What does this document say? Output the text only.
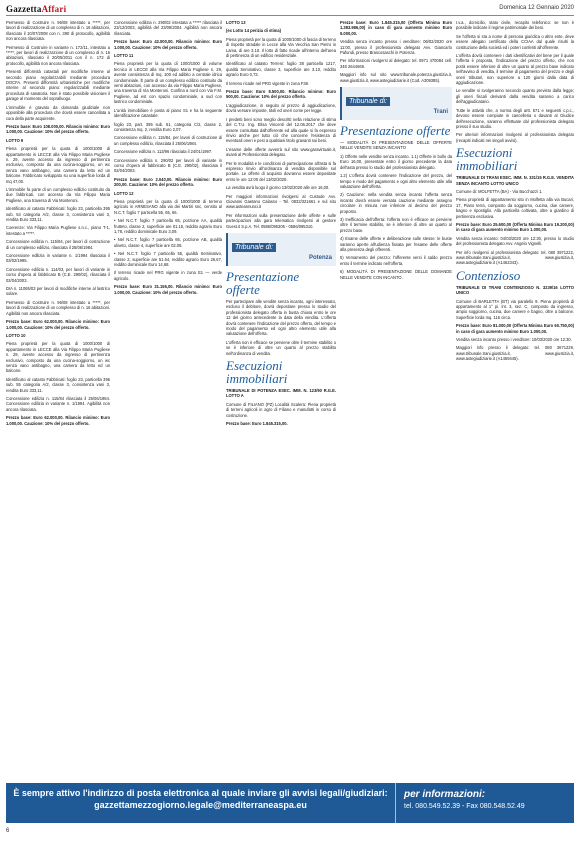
GazzettaAffari	Domenica 12 Gennaio 2020
Permesso di Costruire n. 96/08 intestato a *****, per lavori di realizzazione di un complesso di n. 16 abitazioni, rilasciato il 10/07/2008 con n. 390 di protocollo, agibilità non ancora rilasciata.
Permesso di Costruire in variante n. 172/11, intestato a *****, per lavori di realizzazione di un complesso di n. 16 abitazioni, rilasciato il 20/05/2011 con il n. 172 di protocollo, agibilità non ancora rilasciata.
Presenti difformità catastali per modifiche interne al secondo piano regolarizzabili mediante procedura DOCFA. Presenti difformità urbanistiche per modifiche interne al secondo piano: regolarizzabili mediante procedura di sanatoria. Non è stato possibile visionare il garage al momento del sopralluogo.
L'immobile è gravato da domanda giudiziale non opponibile alla procedura che dovrà essere cancellata a cura della parte acquirente.
Prezzo base: Euro 108.000,00. Rilancio minimo: Euro 1.000,00. Cauzione: 10% del prezzo offerto.
LOTTO 9
Piena proprietà per la quota di 1000/1000 di appartamento in LECCE alla Via Filippo Maria Pugliese n. 29, avente accesso da ingresso di pertinenza esclusivo, composto da una cucina-soggiorno, un wc senza vano antibagno, una camera da letto ed un balcone. Fabbricato sviluppato su una superficie lorda di mq 47,00.
L'immobile fa parte di un complesso edilizio costituito da due fabbricati, con accesso da Via Filippo Maria Pugliese, una traversa di Via Monteroni.
Identificato al catasto Fabbricati: foglio 23, particella 395 sub. 54 categoria A/2, classe 3, consistenza vani 3, rendita Euro 333,11.
Coerenze: Via Filippo Maria Pugliese s.n.c., piano T-1, intestato a *****.
Concessione edilizia n. 115/84, per lavori di costruzione di un complesso edilizio, rilasciata il 25/06/1984.
Concessione edilizia in variante n. 1/1994 rilasciata il 03/02/1995.
Concessione edilizia n. 114/03, per lavori di variante in corso d'opera al fabbricato B (C.E. 290/02), rilasciata il 02/04/2003.
DIA n. 11065/03 per lavori di modifiche interne al lastrico solare.
Permesso di Costruire n. 96/08 intestato a *****, per lavori di realizzazione di un complesso di n. 16 abitazioni. Agibilità non ancora rilasciata.
Prezzo base: Euro 62.000,00. Rilancio minimo: Euro 1.000,00. Cauzione: 10% del prezzo offerto.
LOTTO 10
Piena proprietà per la quota di 1000/1000 di appartamento in LECCE alla Via Filippo Maria Pugliese n. 29, avente accesso da ingresso di pertinenza esclusivo, composto da una cucina-soggiorno, un wc senza vano antibagno, una camera da letto ed un balcone.
Identificato al catasto Fabbricati: foglio 23, particella 395 sub. 55 categoria A/2, classe 3, consistenza vani 3, rendita Euro 333,11.
Concessione edilizia n. 115/84 rilasciata il 25/06/1984. Concessione edilizia in variante n. 1/1994. Agibilità non ancora rilasciata.
Prezzo base: Euro 62.000,00. Rilancio minimo: Euro 1.000,00. Cauzione: 10% del prezzo offerto.
Concessione edilizia n. 290/02 intestata a ***** rilasciata il 23/12/2003, agibilità del 23/09/2004. Agibilità non ancora rilasciata.
Prezzo base: Euro 42.000,00. Rilancio minimo: Euro 1.000,00. Cauzione: 10% del prezzo offerto.
LOTTO 11
Piena proprietà per la quota di 1000/1000 di volume tecnico in LECCE alla Via Filippo Maria Pugliese n. 29, avente consistenza di mq. 100 ed adibito a centrale idrica condominiale. È parte di un complesso edilizio costituito da venti abitazioni, con accesso da via Filippo Maria Pugliese, una traversa di Via Monteroni. Confina a nord con Via F.M. Pugliese, ad est con spazio condominiale, a sud con lastrico condominiale.
L'unità immobiliare è posta al piano S1 e ha la seguente identificazione catastale:
foglio 23, part. 395 sub. 51, categoria C/2, classe 2, consistenza mq. 2, rendita Euro 2,07.
Concessione edilizia n. 115/84, per lavori di costruzione di un complesso edilizio, rilasciata il 25/06/1984.
Concessione edilizia n. 113/96 rilasciata il 24/01/1997.
Concessione edilizia n. 290/02 per lavori di variante in corso d'opera al fabbricato B (C.E. 290/02), rilasciata il 02/04/2003.
Prezzo base: Euro 2.040,00. Rilancio minimo: Euro 200,00. Cauzione: 10% del prezzo offerto.
LOTTO 12
Piena proprietà per la quota di 1000/1000 di terreno agricolo in ARNESANO alla via dei Martiri snc, censito al N.C.T. foglio 7 particella 55, 65, 66.
• Nel N.C.T. foglio 7 particella 65, porzione AA, qualità frutteto, classe 2, superficie are 01.15, reddito agrario Euro 1,78, reddito dominicale Euro 3,09.
• Nel N.C.T. foglio 7 particella 66, porzione AB, qualità uliveto, classe 4, superficie are 02.08.
• Nel N.C.T. foglio 7 particella 55, qualità Seminativo, classe 2, superficie are 51.64, reddito agrario Euro 26,67, reddito dominicale Euro 14,68.
Il terreno ricade nel PRG vigente in zona E1 — verde agricolo.
Prezzo base: Euro 31.155,00. Rilancio minimo: Euro 1.000,00. Cauzione: 10% del prezzo offerto.
LOTTO 13
(ex Lotto 14 perizia di stima)
Piena proprietà per la quota di 1000/1000 di fascia di terreno di rispetto stradale in Lecce alla Via Vecchia San Pietro in Lama, di are 3.10. Il lotto di fatto ricade all'interno dell'area di pertinenza di un edificio residenziale.
Identificato al catasto Terreni: foglio 38 particella 1217, qualità Seminativo, classe 3, superficie are 3.10, reddito agrario Euro 0,72.
Il terreno ricade nel PRG vigente in zona F38.
Prezzo base: Euro 8.500,00. Rilancio minimo: Euro 500,00. Cauzione: 10% del prezzo offerto.
L'aggiudicazione, in seguito al prezzo di aggiudicazione, dovrà versare imposte, titoli ed oneri come per legge.
I predetti beni sono meglio descritti nella relazione di stima del C.T.U. Ing. Elisa Vincenti del 12.06.2017 che deve essere consultata dall'offerente ed alla quale si fa espresso rinvio anche per tutto ciò che concerne l'esistenza di eventuali oneri e pesi a qualsiasi titolo gravanti sui beni.
L'esame delle offerte avverrà sul sito www.garavirtuale.it, avanti al Professionista delegato.
Per le modalità e le condizioni di partecipazione all'asta si fa espresso rinvio all'ordinanza di vendita disponibile sul portale. Le offerte di acquisto dovranno essere depositate entro le ore 12:00 del 13/02/2020.
La vendita avrà luogo il giorno 13/02/2020 alle ore 16,00.
Per maggiori informazioni rivolgersi al Custode Avv. Giovanni Gaetano Calasso - Tel. 0832/321661 e sul sito www.asteannunci.it
Per informazioni sulla presentazione delle offerte e sulle partecipazioni alla gara telematica rivolgersi al gestore Guest.it S.p.A. Tel. 0586/095305 - 0586/095310.
Tribunale di:
Potenza
Presentazione offerte
Per partecipare alle vendite senza incanto, ogni interessato, escluso il debitore, dovrà depositare presso lo studio del professionista delegato offerta in busta chiusa entro le ore 12 del giorno antecedente la data della vendita. L'offerta dovrà contenere l'indicazione del prezzo offerto, del tempo e modo del pagamento ed ogni altro elemento utile alla valutazione dell'offerta.
L'offerta non è efficace se perviene oltre il termine stabilito o se è inferiore di oltre un quarto al prezzo stabilito nell'ordinanza di vendita.
Esecuzioni immobiliari
TRIBUNALE DI POTENZA ESEC. IMM. N. 123/90 R.G.E. LOTTO A
Comune di FILIANO (PZ) Località Scalera: Piena proprietà di terreni agricoli in agro di Filiano e manufatti in corso di costruzione.
Prezzo base: Euro 1.845.315,00.
Prezzo base: Euro 1.845.315,00 (Offerta Minima Euro 1.383.986,00) in caso di gara aumento minimo Euro 5.000,00.
Vendita senza incanto presso i venditore: 06/02/2020 ore 11:00, presso il professionista delegato Avv. Giancarlo Pafundi, presso Brascosaschi in Potenza.
Per informazioni rivolgersi al delegato: tel. 0971 470084 cell. 348 2644669.
Maggiori info sul sito www.tribunale.potenza.giustizia.it, www.giustizia.it, www.astegiudiziarie.it (Cod. A309385).
Tribunale di:
Trani
Presentazione offerte
— MODALITÀ DI PRESENTAZIONE DELLE OFFERTE NELLE VENDITE SENZA INCANTO
1) Offerte nelle vendite senza incanto. 1.1) Offerte in bollo da Euro 16,00, presentate entro il giorno precedente la data dell'asta presso lo studio del professionista delegato.
1.2) L'offerta dovrà contenere l'indicazione del prezzo, del tempo e modo del pagamento e ogni altro elemento utile alla valutazione dell'offerta.
2) Cauzione: nella vendita senza incanto l'offerta senza incanto dovrà essere versata cauzione mediante assegno circolare in misura non inferiore al decimo del prezzo proposto.
3) Inefficacia dell'offerta: l'offerta non è efficace se perviene oltre il termine stabilito, se è inferiore di oltre un quarto al prezzo base.
4) Esame delle offerte e deliberazione sulle stesse: le buste saranno aperte all'udienza fissata per l'esame delle offerte alla presenza degli offerenti.
5) Versamento del prezzo: l'offerente versi il saldo prezzo entro il termine indicato nell'offerta.
6) MODALITÀ DI PRESENTAZIONE DELLE DOMANDE NELLE VENDITE CON INCANTO.
I.v.a., domicilio, stato civile, recapito telefonico: se non è possibile indicare il regime patrimoniale dei beni.
Se l'offerta si sta a nome di persona giuridica o altro ente, deve essere allegato certificato della CCIAA dal quale risulti la costituzione della società ed i poteri conferiti all'offerente.
L'offerta dovrà contenere i dati identificativi del bene per il quale l'offerta è proposta, l'indicazione del prezzo offerto, che non potrà essere inferiore di oltre un quarto al prezzo base indicato nell'avviso di vendita, il termine di pagamento del prezzo e degli oneri tributari, non superiore a 120 giorni dalla data di aggiudicazione.
Le vendite si svolgeranno secondo quanto previsto dalla legge; gli oneri fiscali derivanti dalla vendita saranno a carico dell'aggiudicatario.
Tutte le attività che, a norma degli artt. 571 e seguenti c.p.c., devono essere compiute in cancelleria o davanti al Giudice dell'esecuzione, saranno effettuate dal professionista delegato presso il suo studio.
Per ulteriori informazioni rivolgersi al professionista delegato (recapiti indicati nei singoli avvisi).
Esecuzioni immobiliari
TRIBUNALE DI TRANI ESEC. IMM. N. 331/15 R.G.E. VENDITA SENZA INCANTO LOTTO UNICO
Comune di: MOLFETTA (BA) - Via Bucchazzi 1.
Piena proprietà di appartamento sito in Molfetta alla via Bucari, 17, Piano terra, composto da soggiorno, cucina, due camere, bagno e ripostiglio. Alla particella coltivata, oltre a giardino di pertinenza esclusiva.
Prezzo base: Euro 25.600,00 (Offerta Minima Euro 19.200,00) in caso di gara aumento minimo Euro 1.000,00.
Vendita senza incanto: 04/03/2020 ore 12:30, presso lo studio del professionista delegato Avv. Angelo Vignelli.
Per info rivolgersi al professionista delegato: tel. 080 3971222, www.tribunale.trani.giustizia.it, www.giustizia.it, www.astegiudiziarie.it (A1462343).
Contenzioso
TRIBUNALE DI TRANI CONTENZIOSO N. 3239/16 LOTTO UNICO
Comune di BARLETTA (BT) via paralello 9. Piena proprietà di appartamento al 1° pi. int. 3, sez. C, composto da ingresso, ampio soggiorno, cucina, due camere e bagno, oltre a balcone. Superficie lorda mq. 116 circa.
Prezzo base: Euro 81.000,00 (Offerta Minima Euro 60.750,00) in caso di gara aumento minimo Euro 1.000,00.
Vendita senza incanto presso i venditore: 10/03/2020 ore 12:30.
Maggiori info presso il delegato: tel. 080 3671229, www.tribunale.trani.giustizia.it, www.giustizia.it, www.astegiudiziarie.it (A1469445).
È sempre attivo l'indirizzo di posta elettronica al quale inviare gli avvisi legali/giudiziari:
gazzettamezzogiorno.legale@mediterraneaspa.eu
per informazioni:
tel. 080.549.52.39 - Fax 080.548.52.49
6
